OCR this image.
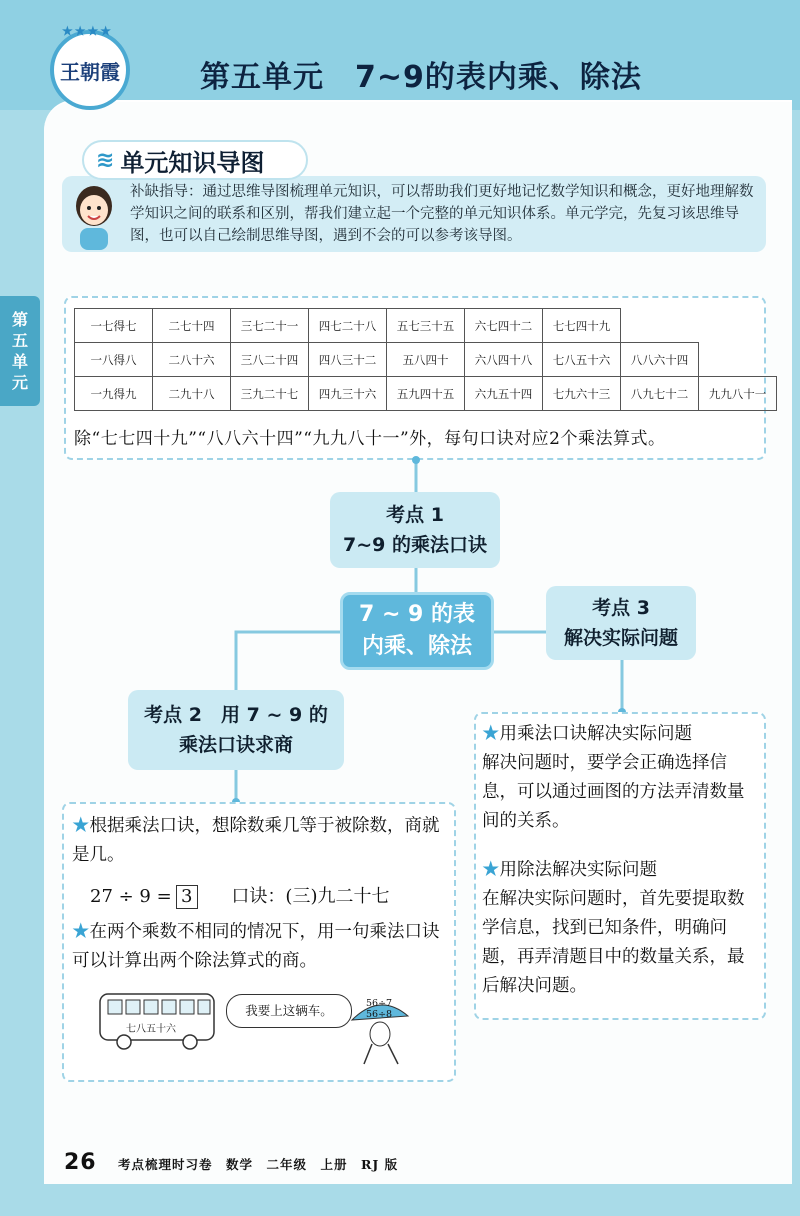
★★★★
王朝霞	第五单元　7~9的表内乘、除法
第
五
单
元
≋ 单元知识导图
补缺指导：通过思维导图梳理单元知识，可以帮助我们更好地记忆数学知识和概念，更好地理解数学知识之间的联系和区别，帮我们建立起一个完整的单元知识体系。单元学完，先复习该思维导图，也可以自己绘制思维导图，遇到不会的可以参考该导图。
一七得七	二七十四	三七二十一	四七二十八	五七三十五	六七四十二	七七四十九		
一八得八	二八十六	三八二十四	四八三十二	五八四十	六八四十八	七八五十六	八八六十四	
一九得九	二九十八	三九二十七	四九三十六	五九四十五	六九五十四	七九六十三	八九七十二	九九八十一
除“七七四十九”“八八六十四”“九九八十一”外，每句口诀对应2个乘法算式。
考点 1
7~9 的乘法口诀
7 ~ 9 的表
内乘、除法
考点 3
解决实际问题
考点 2　用 7 ~ 9 的
乘法口诀求商
★根据乘法口诀，想除数乘几等于被除数，商就是几。
27 ÷ 9 = 3 口诀：(三)九二十七
★在两个乘数不相同的情况下，用一句乘法口诀可以计算出两个除法算式的商。
七八五十六
我要上这辆车。	56÷7
56÷8
★用乘法口诀解决实际问题
解决问题时，要学会正确选择信息，可以通过画图的方法弄清数量间的关系。
★用除法解决实际问题
在解决实际问题时，首先要提取数学信息，找到已知条件，明确问题，再弄清题目中的数量关系，最后解决问题。
26 考点梳理时习卷　数学　二年级　上册　RJ 版
